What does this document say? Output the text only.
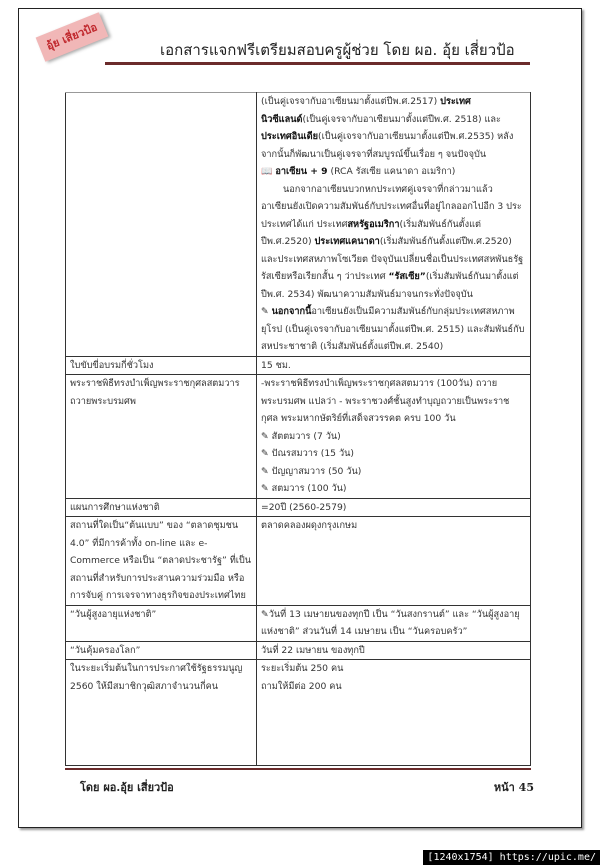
อุ้ย เสี่ยวป้อ	เอกสารแจกฟรีเตรียมสอบครูผู้ช่วย โดย ผอ. อุ้ย เสี่ยวป้อ

	(เป็นคู่เจรจากับอาเซียนมาตั้งแต่ปีพ.ศ.2517) ประเทศนิวซีแลนด์(เป็นคู่เจรจากับอาเซียนมาตั้งแต่ปีพ.ศ. 2518) และประเทศอินเดีย(เป็นคู่เจรจากับอาเซียนมาตั้งแต่ปีพ.ศ.2535) หลังจากนั้นก็พัฒนาเป็นคู่เจรจาที่สมบูรณ์ขึ้นเรื่อย ๆ จนปัจจุบัน
📖 อาเซียน + 9 (RCA รัสเซีย แคนาดา อเมริกา)
นอกจากอาเซียนบวกหกประเทศคู่เจรจาที่กล่าวมาแล้ว อาเซียนยังเปิดความสัมพันธ์กับประเทศอื่นที่อยู่ไกลออกไปอีก 3 ประประเทศได้แก่ ประเทศสหรัฐอเมริกา(เริ่มสัมพันธ์กันตั้งแต่ปีพ.ศ.2520) ประเทศแคนาดา(เริ่มสัมพันธ์กันตั้งแต่ปีพ.ศ.2520) และประเทศสหภาพโซเวียต ปัจจุบันเปลี่ยนชื่อเป็นประเทศสหพันธรัฐรัสเซียหรือเรียกสั้น ๆ ว่าประเทศ “รัสเซีย”(เริ่มสัมพันธ์กันมาตั้งแต่ปีพ.ศ. 2534) พัฒนาความสัมพันธ์มาจนกระทั่งปัจจุบัน
✎ นอกจากนี้อาเซียนยังเป็นมีความสัมพันธ์กับกลุ่มประเทศสหภาพยุโรป (เป็นคู่เจรจากับอาเซียนมาตั้งแต่ปีพ.ศ. 2515) และสัมพันธ์กับสหประชาชาติ (เริ่มสัมพันธ์ตั้งแต่ปีพ.ศ. 2540)

ใบขับขี่อบรมกี่ชั่วโมง	15 ชม.
พระราชพิธีทรงบำเพ็ญพระราชกุศลสตมวาร ถวายพระบรมศพ	-พระราชพิธีทรงบำเพ็ญพระราชกุศลสตมวาร (100วัน) ถวายพระบรมศพ แปลว่า - พระราชวงศ์ชั้นสูงทำบุญถวายเป็นพระราชกุศล พระมหากษัตริย์ที่เสด็จสวรรคต ครบ 100 วัน
✎ สัตตมวาร (7 วัน)
✎ ปัณรสมวาร (15 วัน)
✎ ปัญญาสมวาร (50 วัน)
✎ สตมวาร (100 วัน)

แผนการศึกษาแห่งชาติ	=20ปี (2560-2579)
สถานที่ใดเป็น“ต้นแบบ” ของ “ตลาดชุมชน 4.0” ที่มีการค้าทั้ง on-line และ e-Commerce หรือเป็น “ตลาดประชารัฐ” ที่เป็นสถานที่สำหรับการประสานความร่วมมือ หรือการจับคู่ การเจรจาทางธุรกิจของประเทศไทย	ตลาดคลองผดุงกรุงเกษม
“วันผู้สูงอายุแห่งชาติ”	✎วันที่ 13 เมษายนของทุกปี เป็น “วันสงกรานต์” และ “วันผู้สูงอายุแห่งชาติ” ส่วนวันที่ 14 เมษายน เป็น “วันครอบครัว”
“วันคุ้มครองโลก”	วันที่ 22 เมษายน ของทุกปี
ในระยะเริ่มต้นในการประกาศใช้รัฐธรรมนูญ 2560 ให้มีสมาชิกวุฒิสภาจำนวนกี่คน	ระยะเริ่มต้น 250 คน
ถามให้มีต่อ 200 คน
โดย ผอ.อุ้ย เสี่ยวป้อ	หน้า 45
[1240x1754] https://upic.me/
